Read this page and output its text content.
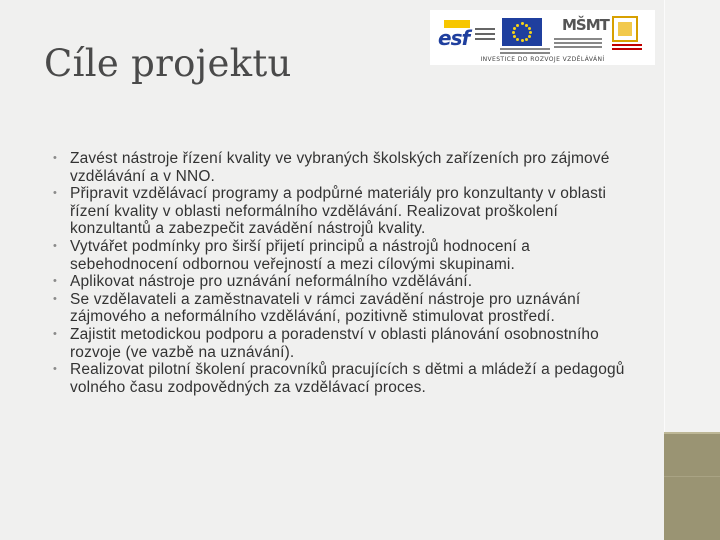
Cíle projektu
esf
MŠMT
INVESTICE DO ROZVOJE VZDĚLÁVÁNÍ
• Zavést nástroje řízení kvality ve vybraných školských zařízeních pro zájmové vzdělávání a v NNO.
• Připravit vzdělávací programy a podpůrné materiály pro konzultanty v oblasti řízení kvality v oblasti neformálního vzdělávání. Realizovat proškolení konzultantů a zabezpečit zavádění nástrojů kvality.
• Vytvářet podmínky pro širší přijetí principů a nástrojů hodnocení a sebehodnocení odbornou veřejností a mezi cílovými skupinami.
• Aplikovat nástroje pro uznávání neformálního vzdělávání.
• Se vzdělavateli a zaměstnavateli v rámci zavádění nástroje pro uznávání zájmového a neformálního vzdělávání, pozitivně stimulovat prostředí.
• Zajistit metodickou podporu a poradenství v oblasti plánování osobnostního rozvoje (ve vazbě na uznávání).
• Realizovat pilotní školení pracovníků pracujících s dětmi a mládeží a pedagogů volného času zodpovědných za vzdělávací proces.
